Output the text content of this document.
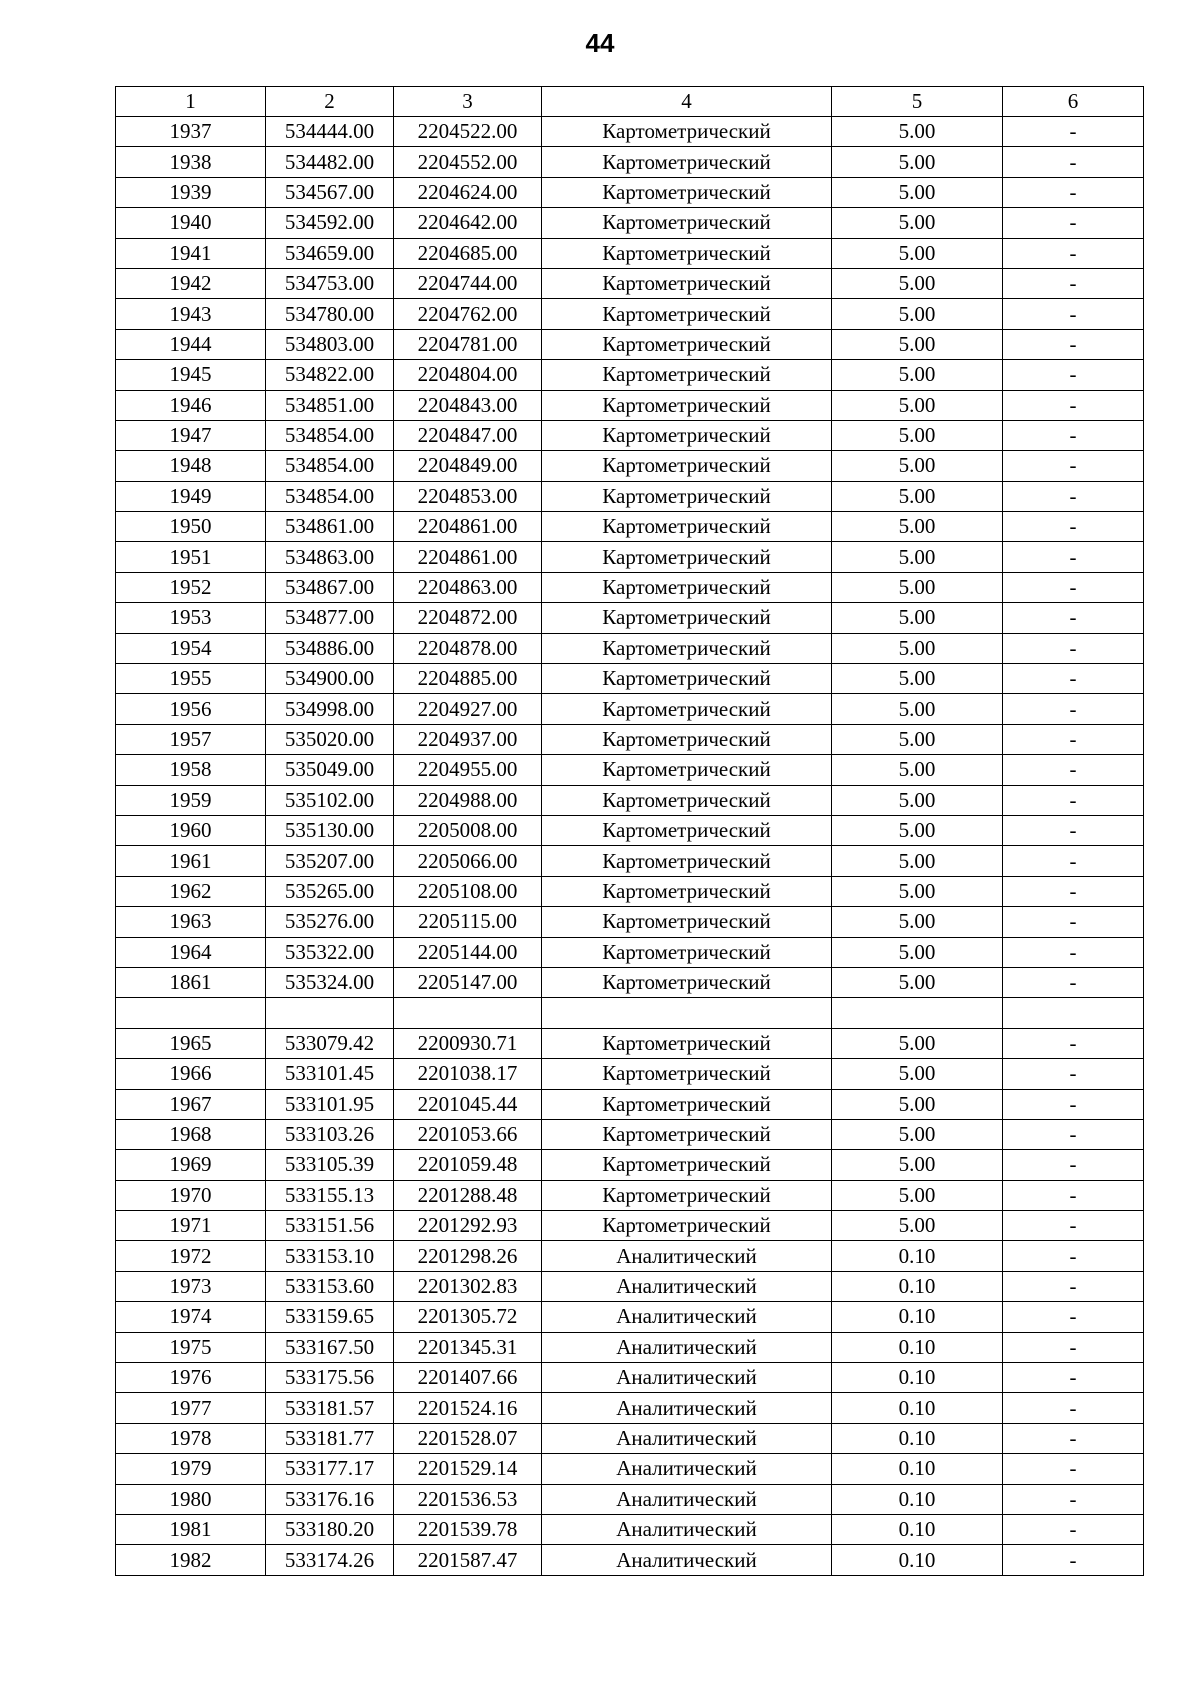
44
1	2	3	4	5	6
1937	534444.00	2204522.00	Картометрический	5.00	-
1938	534482.00	2204552.00	Картометрический	5.00	-
1939	534567.00	2204624.00	Картометрический	5.00	-
1940	534592.00	2204642.00	Картометрический	5.00	-
1941	534659.00	2204685.00	Картометрический	5.00	-
1942	534753.00	2204744.00	Картометрический	5.00	-
1943	534780.00	2204762.00	Картометрический	5.00	-
1944	534803.00	2204781.00	Картометрический	5.00	-
1945	534822.00	2204804.00	Картометрический	5.00	-
1946	534851.00	2204843.00	Картометрический	5.00	-
1947	534854.00	2204847.00	Картометрический	5.00	-
1948	534854.00	2204849.00	Картометрический	5.00	-
1949	534854.00	2204853.00	Картометрический	5.00	-
1950	534861.00	2204861.00	Картометрический	5.00	-
1951	534863.00	2204861.00	Картометрический	5.00	-
1952	534867.00	2204863.00	Картометрический	5.00	-
1953	534877.00	2204872.00	Картометрический	5.00	-
1954	534886.00	2204878.00	Картометрический	5.00	-
1955	534900.00	2204885.00	Картометрический	5.00	-
1956	534998.00	2204927.00	Картометрический	5.00	-
1957	535020.00	2204937.00	Картометрический	5.00	-
1958	535049.00	2204955.00	Картометрический	5.00	-
1959	535102.00	2204988.00	Картометрический	5.00	-
1960	535130.00	2205008.00	Картометрический	5.00	-
1961	535207.00	2205066.00	Картометрический	5.00	-
1962	535265.00	2205108.00	Картометрический	5.00	-
1963	535276.00	2205115.00	Картометрический	5.00	-
1964	535322.00	2205144.00	Картометрический	5.00	-
1861	535324.00	2205147.00	Картометрический	5.00	-

1965	533079.42	2200930.71	Картометрический	5.00	-
1966	533101.45	2201038.17	Картометрический	5.00	-
1967	533101.95	2201045.44	Картометрический	5.00	-
1968	533103.26	2201053.66	Картометрический	5.00	-
1969	533105.39	2201059.48	Картометрический	5.00	-
1970	533155.13	2201288.48	Картометрический	5.00	-
1971	533151.56	2201292.93	Картометрический	5.00	-
1972	533153.10	2201298.26	Аналитический	0.10	-
1973	533153.60	2201302.83	Аналитический	0.10	-
1974	533159.65	2201305.72	Аналитический	0.10	-
1975	533167.50	2201345.31	Аналитический	0.10	-
1976	533175.56	2201407.66	Аналитический	0.10	-
1977	533181.57	2201524.16	Аналитический	0.10	-
1978	533181.77	2201528.07	Аналитический	0.10	-
1979	533177.17	2201529.14	Аналитический	0.10	-
1980	533176.16	2201536.53	Аналитический	0.10	-
1981	533180.20	2201539.78	Аналитический	0.10	-
1982	533174.26	2201587.47	Аналитический	0.10	-
